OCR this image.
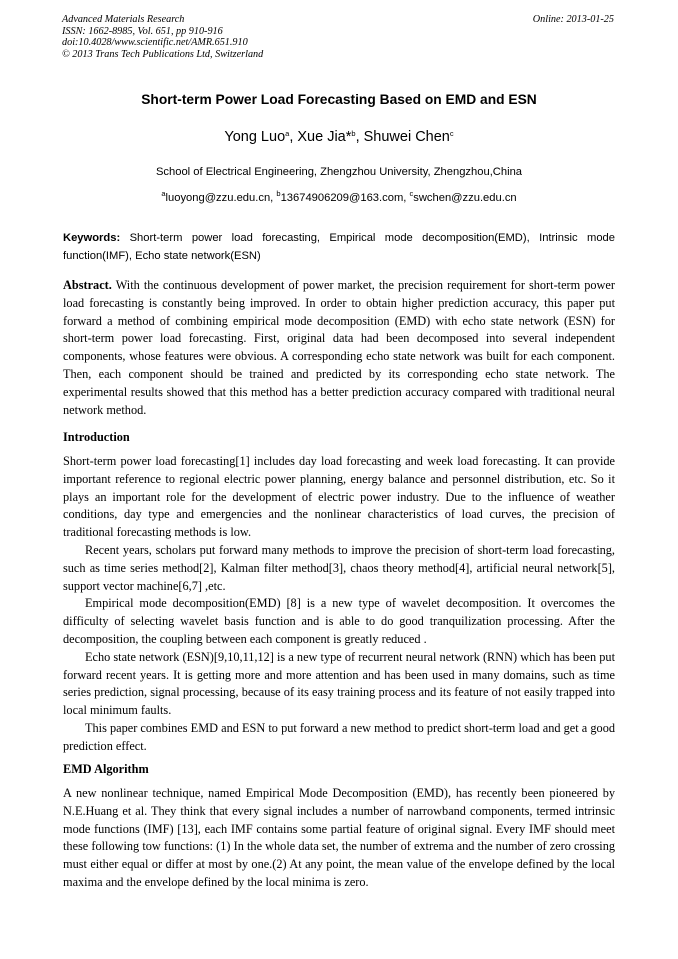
Advanced Materials Research
ISSN: 1662-8985, Vol. 651, pp 910-916
doi:10.4028/www.scientific.net/AMR.651.910
© 2013 Trans Tech Publications Ltd, Switzerland
Online: 2013-01-25
Short-term Power Load Forecasting Based on EMD and ESN
Yong Luo$^a$, Xue Jia*$^b$, Shuwei Chen$^c$
School of Electrical Engineering, Zhengzhou University, Zhengzhou,China
$^a$luoyong@zzu.edu.cn, $^b$13674906209@163.com, $^c$swchen@zzu.edu.cn
Keywords: Short-term power load forecasting, Empirical mode decomposition(EMD), Intrinsic mode function(IMF), Echo state network(ESN)

Abstract. With the continuous development of power market, the precision requirement for short-term power load forecasting is constantly being improved. In order to obtain higher prediction accuracy, this paper put forward a method of combining empirical mode decomposition (EMD) with echo state network (ESN) for short-term power load forecasting. First, original data had been decomposed into several independent components, whose features were obvious. A corresponding echo state network was built for each component. Then, each component should be trained and predicted by its corresponding echo state network. The experimental results showed that this method has a better prediction accuracy compared with traditional neural network method.

Introduction

Short-term power load forecasting[1] includes day load forecasting and week load forecasting. It can provide important reference to regional electric power planning, energy balance and personnel distribution, etc. So it plays an important role for the development of electric power industry. Due to the influence of weather conditions, day type and emergencies and the nonlinear characteristics of load curves, the precision of traditional forecasting methods is low.

Recent years, scholars put forward many methods to improve the precision of short-term load forecasting, such as time series method[2], Kalman filter method[3], chaos theory method[4], artificial neural network[5], support vector machine[6,7] ,etc.

Empirical mode decomposition(EMD) [8] is a new type of wavelet decomposition. It overcomes the difficulty of selecting wavelet basis function and is able to do good tranquilization processing. After the decomposition, the coupling between each component is greatly reduced .

Echo state network (ESN)[9,10,11,12] is a new type of recurrent neural network (RNN) which has been put forward recent years. It is getting more and more attention and has been used in many domains, such as time series prediction, signal processing, because of its easy training process and its feature of not easily trapped into local minimum faults.

This paper combines EMD and ESN to put forward a new method to predict short-term load and get a good prediction effect.

EMD Algorithm

A new nonlinear technique, named Empirical Mode Decomposition (EMD), has recently been pioneered by N.E.Huang et al. They think that every signal includes a number of narrowband components, termed intrinsic mode functions (IMF) [13], each IMF contains some partial feature of original signal. Every IMF should meet these following tow functions: (1) In the whole data set, the number of extrema and the number of zero crossing must either equal or differ at most by one.(2) At any point, the mean value of the envelope defined by the local maxima and the envelope defined by the local minima is zero.
